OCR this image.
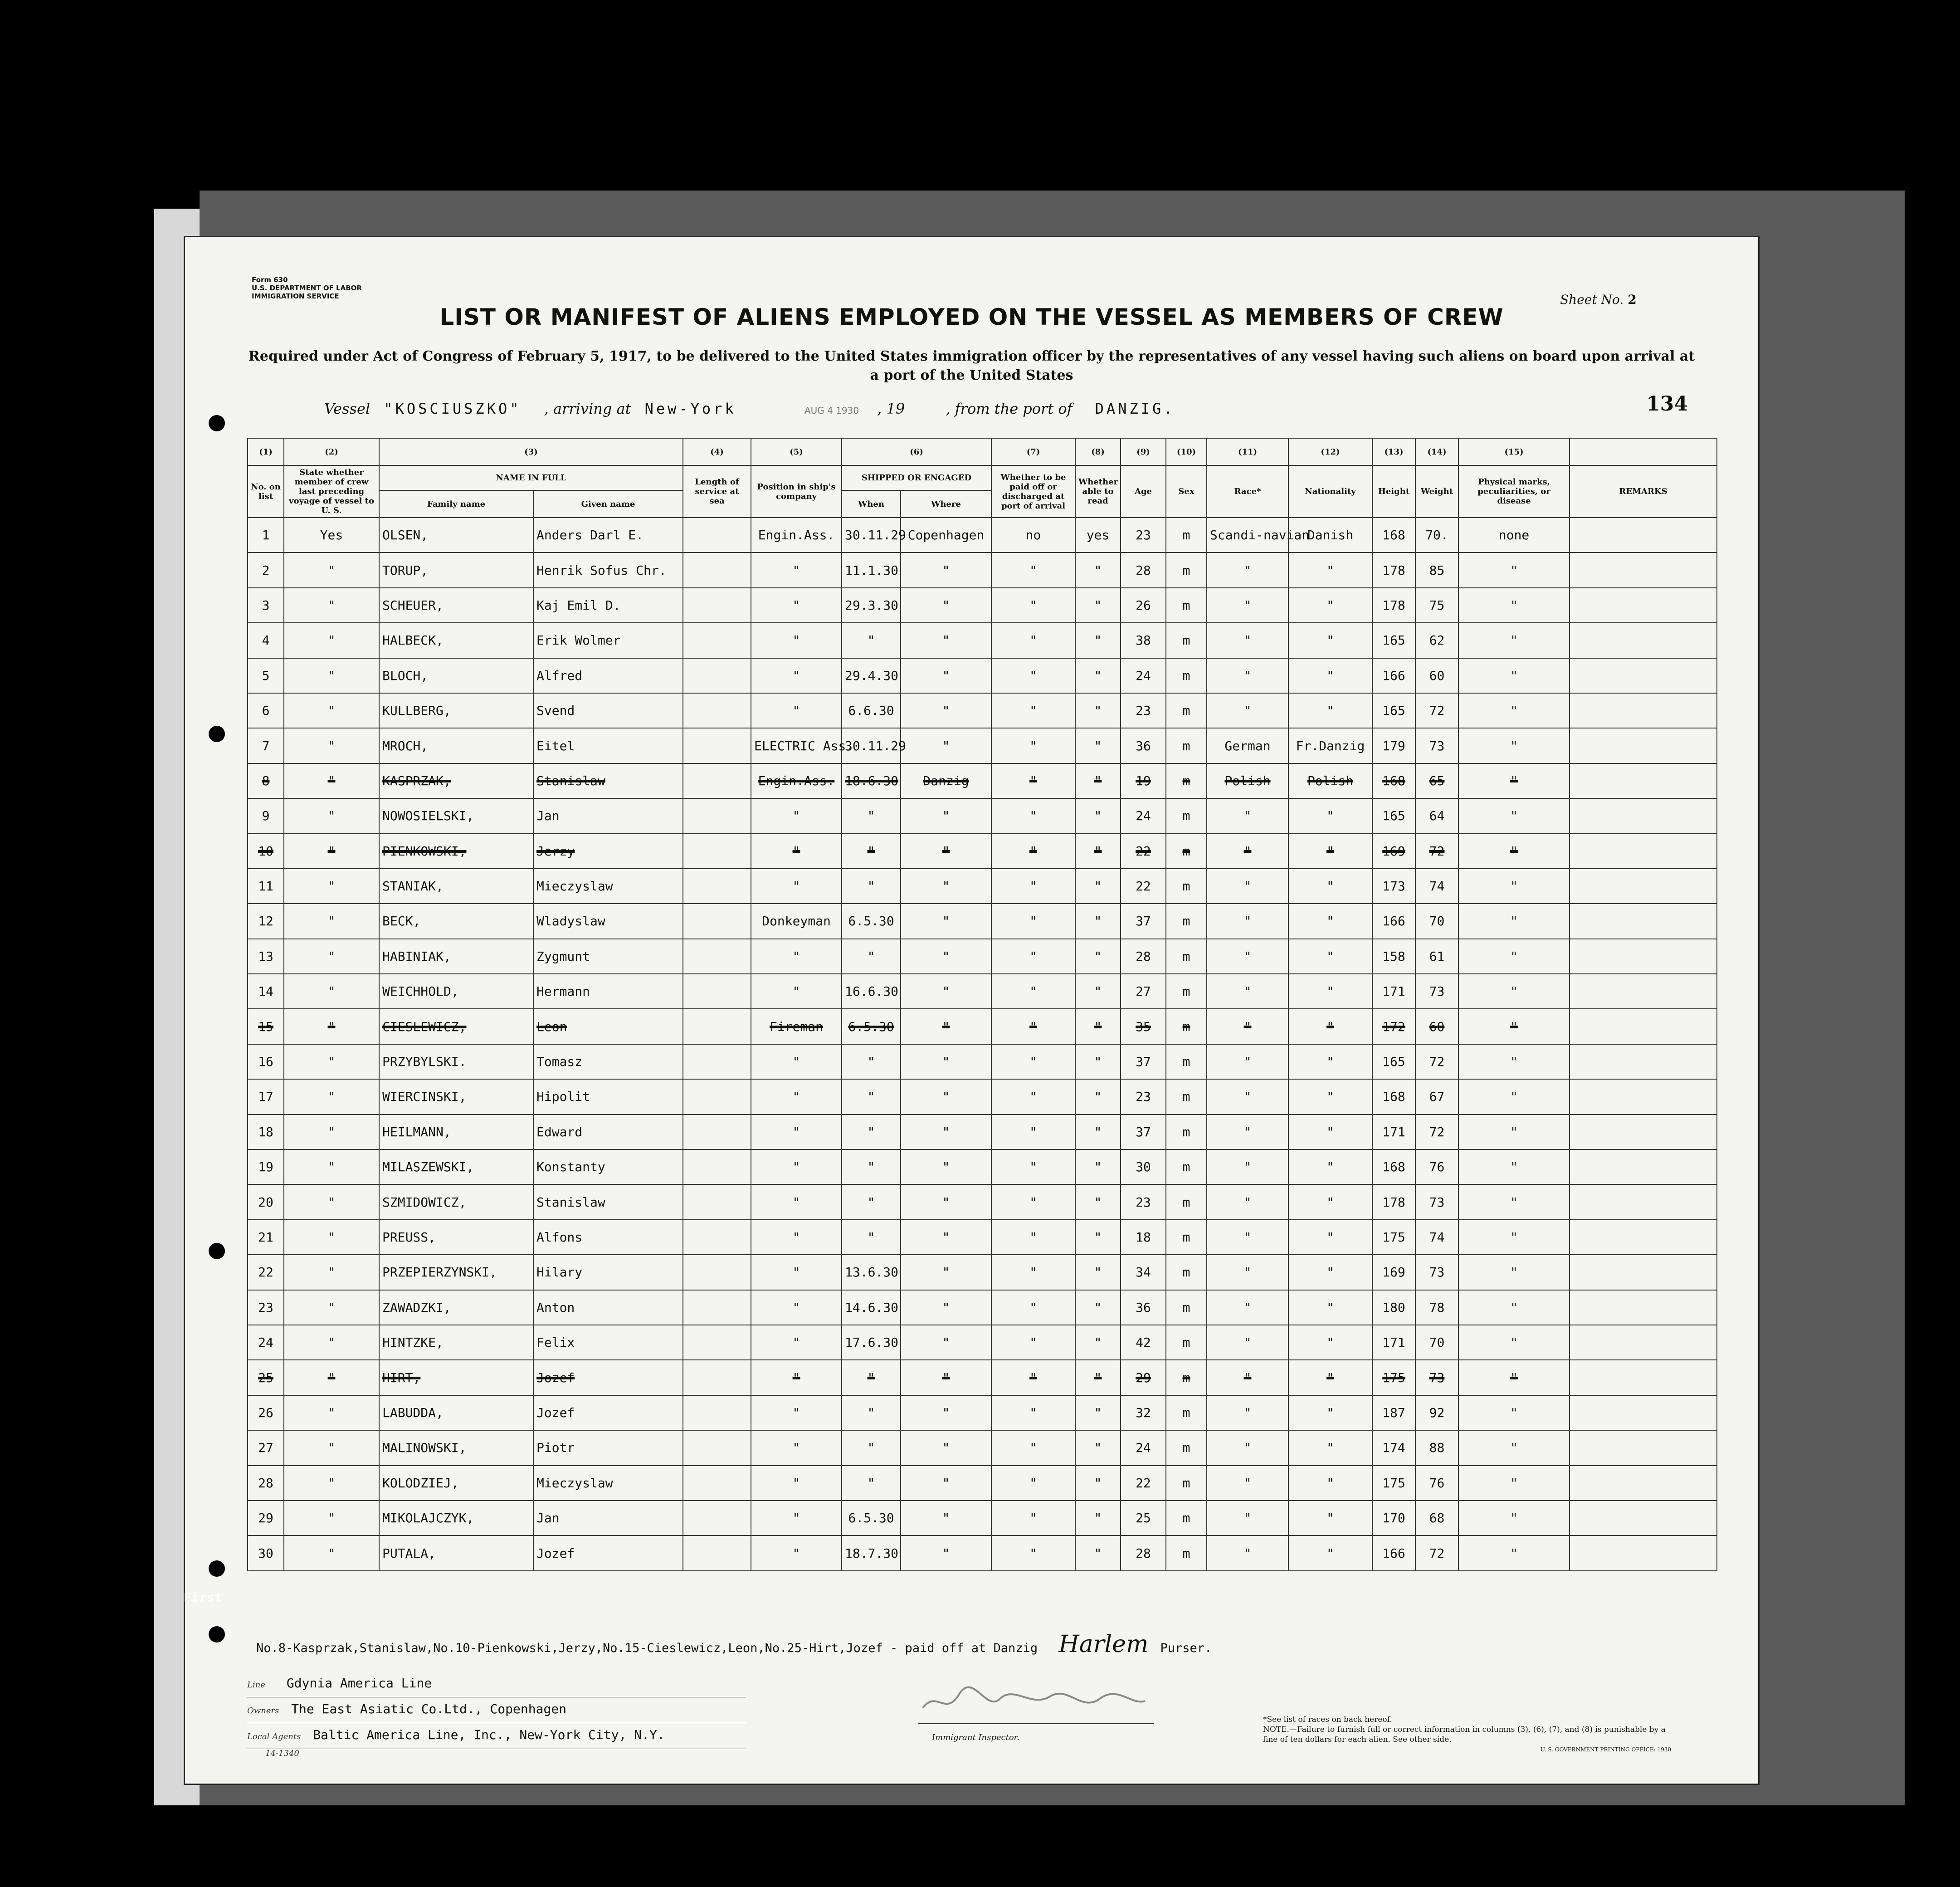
Form 630
U.S. DEPARTMENT OF LABOR
IMMIGRATION SERVICE	Sheet No. 2
LIST OR MANIFEST OF ALIENS EMPLOYED ON THE VESSEL AS MEMBERS OF CREW
Required under Act of Congress of February 5, 1917, to be delivered to the United States immigration officer by the representatives of any vessel having such aliens on board upon arrival at a port of the United States
Vessel "KOSCIUSZKO" , arriving at New-York	AUG 4 1930 , 19	, from the port of DANZIG.	134
(1)	(2)	(3)		(4)	(5)	(6)		(7)	(8)	(9)	(10)	(11)	(12)	(13)	(14)	(15)	
No. on list	State whether member of crew last preceding voyage of vessel to U. S.	NAME IN FULL		Length of service at sea	Position in ship's company	SHIPPED OR ENGAGED		Whether to be paid off or discharged at port of arrival	Whether able to read	Age	Sex	Race*	Nationality	Height	Weight	Physical marks, peculiarities, or disease	REMARKS
		Family name	Given name			When	Where										
1	Yes	OLSEN,	Anders Darl E.		Engin.Ass.	30.11.29	Copenhagen	no	yes	23	m	Scandi-navian	Danish	168	70.	none	
2	"	TORUP,	Henrik Sofus Chr.		"	11.1.30	"	"	"	28	m	"	"	178	85	"	
3	"	SCHEUER,	Kaj Emil D.		"	29.3.30	"	"	"	26	m	"	"	178	75	"	
4	"	HALBECK,	Erik Wolmer		"	"	"	"	"	38	m	"	"	165	62	"	
5	"	BLOCH,	Alfred		"	29.4.30	"	"	"	24	m	"	"	166	60	"	
6	"	KULLBERG,	Svend		"	6.6.30	"	"	"	23	m	"	"	165	72	"	
7	"	MROCH,	Eitel		ELECTRIC Ass.	30.11.29	"	"	"	36	m	German	Fr.Danzig	179	73	"	
8	"	KASPRZAK,	Stanislaw		Engin.Ass.	18.6.30	Danzig	"	"	19	m	Polish	Polish	168	65	"	
9	"	NOWOSIELSKI,	Jan		"	"	"	"	"	24	m	"	"	165	64	"	
10	"	PIENKOWSKI,	Jerzy		"	"	"	"	"	22	m	"	"	169	72	"	
11	"	STANIAK,	Mieczyslaw		"	"	"	"	"	22	m	"	"	173	74	"	
12	"	BECK,	Wladyslaw		Donkeyman	6.5.30	"	"	"	37	m	"	"	166	70	"	
13	"	HABINIAK,	Zygmunt		"	"	"	"	"	28	m	"	"	158	61	"	
14	"	WEICHHOLD,	Hermann		"	16.6.30	"	"	"	27	m	"	"	171	73	"	
15	"	CIESLEWICZ,	Leon		Fireman	6.5.30	"	"	"	35	m	"	"	172	60	"	
16	"	PRZYBYLSKI.	Tomasz		"	"	"	"	"	37	m	"	"	165	72	"	
17	"	WIERCINSKI,	Hipolit		"	"	"	"	"	23	m	"	"	168	67	"	
18	"	HEILMANN,	Edward		"	"	"	"	"	37	m	"	"	171	72	"	
19	"	MILASZEWSKI,	Konstanty		"	"	"	"	"	30	m	"	"	168	76	"	
20	"	SZMIDOWICZ,	Stanislaw		"	"	"	"	"	23	m	"	"	178	73	"	
21	"	PREUSS,	Alfons		"	"	"	"	"	18	m	"	"	175	74	"	
22	"	PRZEPIERZYNSKI,	Hilary		"	13.6.30	"	"	"	34	m	"	"	169	73	"	
23	"	ZAWADZKI,	Anton		"	14.6.30	"	"	"	36	m	"	"	180	78	"	
24	"	HINTZKE,	Felix		"	17.6.30	"	"	"	42	m	"	"	171	70	"	
25	"	HIRT,	Jozef		"	"	"	"	"	29	m	"	"	175	73	"	
26	"	LABUDDA,	Jozef		"	"	"	"	"	32	m	"	"	187	92	"	
27	"	MALINOWSKI,	Piotr		"	"	"	"	"	24	m	"	"	174	88	"	
28	"	KOLODZIEJ,	Mieczyslaw		"	"	"	"	"	22	m	"	"	175	76	"	
29	"	MIKOLAJCZYK,	Jan		"	6.5.30	"	"	"	25	m	"	"	170	68	"	
30	"	PUTALA,	Jozef		"	18.7.30	"	"	"	28	m	"	"	166	72	"	
No.8-Kasprzak,Stanislaw,No.10-Pienkowski,Jerzy,No.15-Cieslewicz,Leon,No.25-Hirt,Jozef - paid off at Danzig Harlem Purser.
Line Gdynia America Line
Owners The East Asiatic Co.Ltd., Copenhagen
Local Agents Baltic America Line, Inc., New-York City, N.Y.
14-1340
Immigrant Inspector.
*See list of races on back hereof.
NOTE.—Failure to furnish full or correct information in columns (3), (6), (7), and (8) is punishable by a fine of ten dollars for each alien. See other side.
U. S. GOVERNMENT PRINTING OFFICE: 1930
First
